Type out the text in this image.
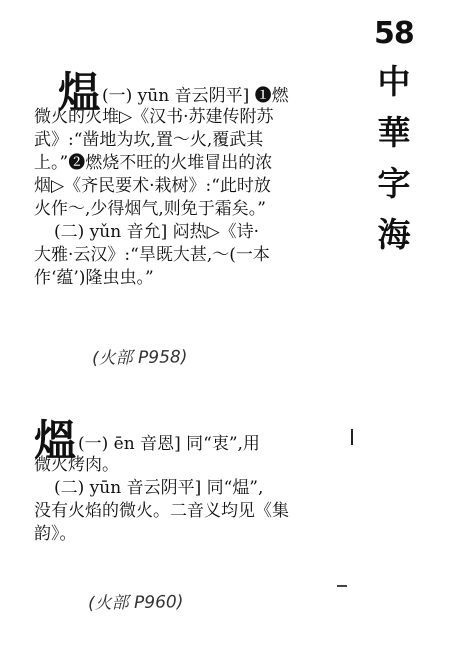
58
中
華
字
海
煴 (一) yūn 音云阴平] ❶燃
微火的火堆▷《汉书·苏建传附苏
武》:“凿地为坎,置～火,覆武其
上。”❷燃烧不旺的火堆冒出的浓
烟▷《齐民要术·栽树》:“此时放
火作～,少得烟气,则免于霜矣。”
(二) yǔn 音允] 闷热▷《诗·
大雅·云汉》:“旱既大甚,～(一本
作‘蕴’)隆虫虫。”
(火部 P958)
熅 (一) ēn 音恩] 同“衷”,用
微火烤肉。
(二) yūn 音云阴平] 同“煴”,
没有火焰的微火。二音义均见《集
韵》。
(火部 P960)
